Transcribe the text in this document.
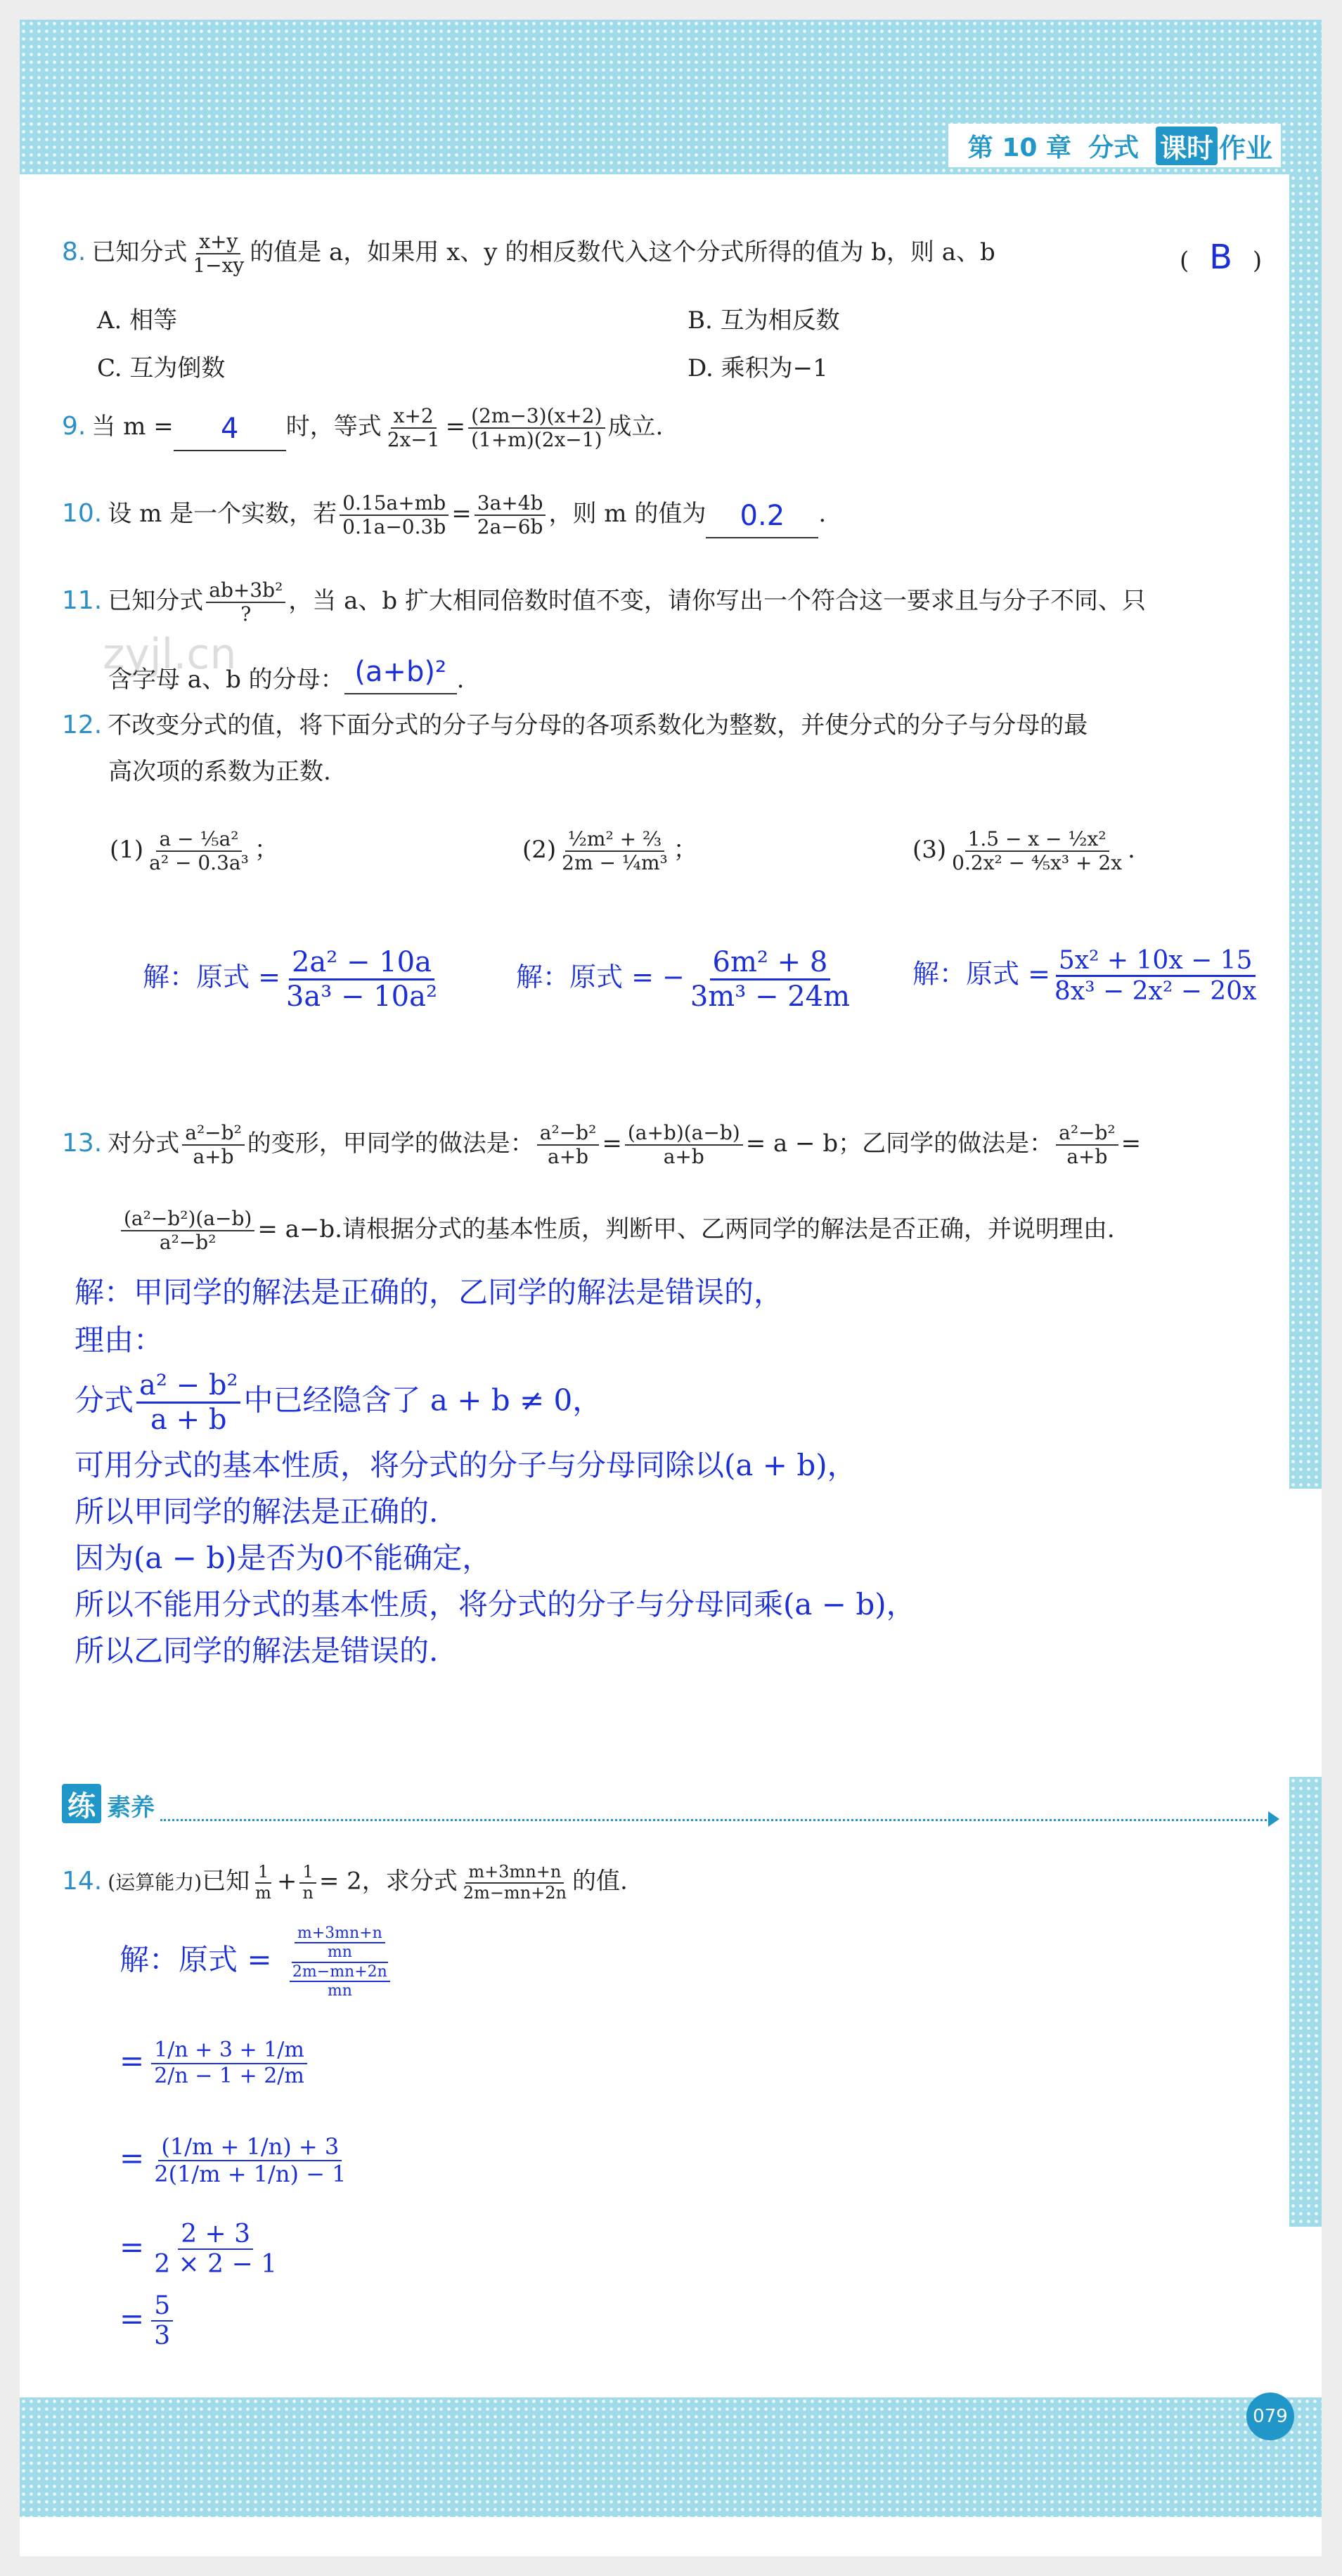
第 10 章 分式 课时 作业
zyjl.cn
8. 已知分式 $\frac{x+y}{1-xy}$ 的值是 a，如果用 x、y 的相反数代入这个分式所得的值为 b，则 a、b	( B )
A. 相等	B. 互为相反数
C. 互为倒数	D. 乘积为−1
9. 当 m =	4	时，等式 $\frac{x+2}{2x-1} = \frac{(2m-3)(x+2)}{(1+m)(2x-1)}$ 成立.
10. 设 m 是一个实数，若 $\frac{0.15a+mb}{0.1a-0.3b} = \frac{3a+4b}{2a-6b}$ ，则 m 的值为	0.2	.
11. 已知分式 $\frac{\text{ab+3b²}}{?}$ ，当 a、b 扩大相同倍数时值不变，请你写出一个符合这一要求且与分子不同、只
含字母 a、b 的分母： (a+b)² .
12. 不改变分式的值，将下面分式的分子与分母的各项系数化为整数，并使分式的分子与分母的最
高次项的系数为正数.
$(1) \frac{\text{a − ⅕a²}}{\text{a² − 0.3a³}}$ ；	$(2) \frac{\text{½m² + ⅔}}{\text{2m − ¼m³}}$ ；	$(3) \frac{\text{1.5 − x − ½x²}}{\text{0.2x² − ⅘x³ + 2x}}$ .
解：原式 = $\frac{\text{2a² − 10a}}{\text{3a³ − 10a²}}$	解：原式 = − $\frac{\text{6m² + 8}}{\text{3m³ − 24m}}$ 解：原式 = $\frac{\text{5x² + 10x − 15}}{\text{8x³ − 2x² − 20x}}$
13. 对分式 $\frac{\text{a²−b²}}{a+b}$ 的变形，甲同学的做法是： $\frac{\text{a²−b²}}{a+b} = \frac{(a+b)(a-b)}{a+b} = a - b$；乙同学的做法是： $\frac{\text{a²−b²}}{a+b}$ =
$\frac{\text{(a²−b²)(a−b)}}{\text{a²−b²}} = a-b$.请根据分式的基本性质，判断甲、乙两同学的解法是否正确，并说明理由.
解：甲同学的解法是正确的，乙同学的解法是错误的，
理由：
分式 $\frac{\text{a² − b²}}{a + b}$ 中已经隐含了 a + b ≠ 0，
可用分式的基本性质，将分式的分子与分母同除以(a + b)，
所以甲同学的解法是正确的.
因为(a − b)是否为0不能确定，
所以不能用分式的基本性质，将分式的分子与分母同乘(a − b)，
所以乙同学的解法是错误的.
练 素养
14. (运算能力)已知 $\frac{1}{m} + \frac{1}{n} = 2$，求分式 $\frac{m+3mn+n}{2m-mn+2n}$ 的值.
解：原式 = $\frac{\frac{m+3mn+n}{mn}}{\frac{2m-mn+2n}{mn}}$
= $\frac{1/n + 3 + 1/m}{2/n - 1 + 2/m}$
= $\frac{(1/m + 1/n) + 3}{2(1/m + 1/n) - 1}$
= $\frac{2 + 3}{2 \times 2 - 1}$
= $\frac{5}{3}$
079
